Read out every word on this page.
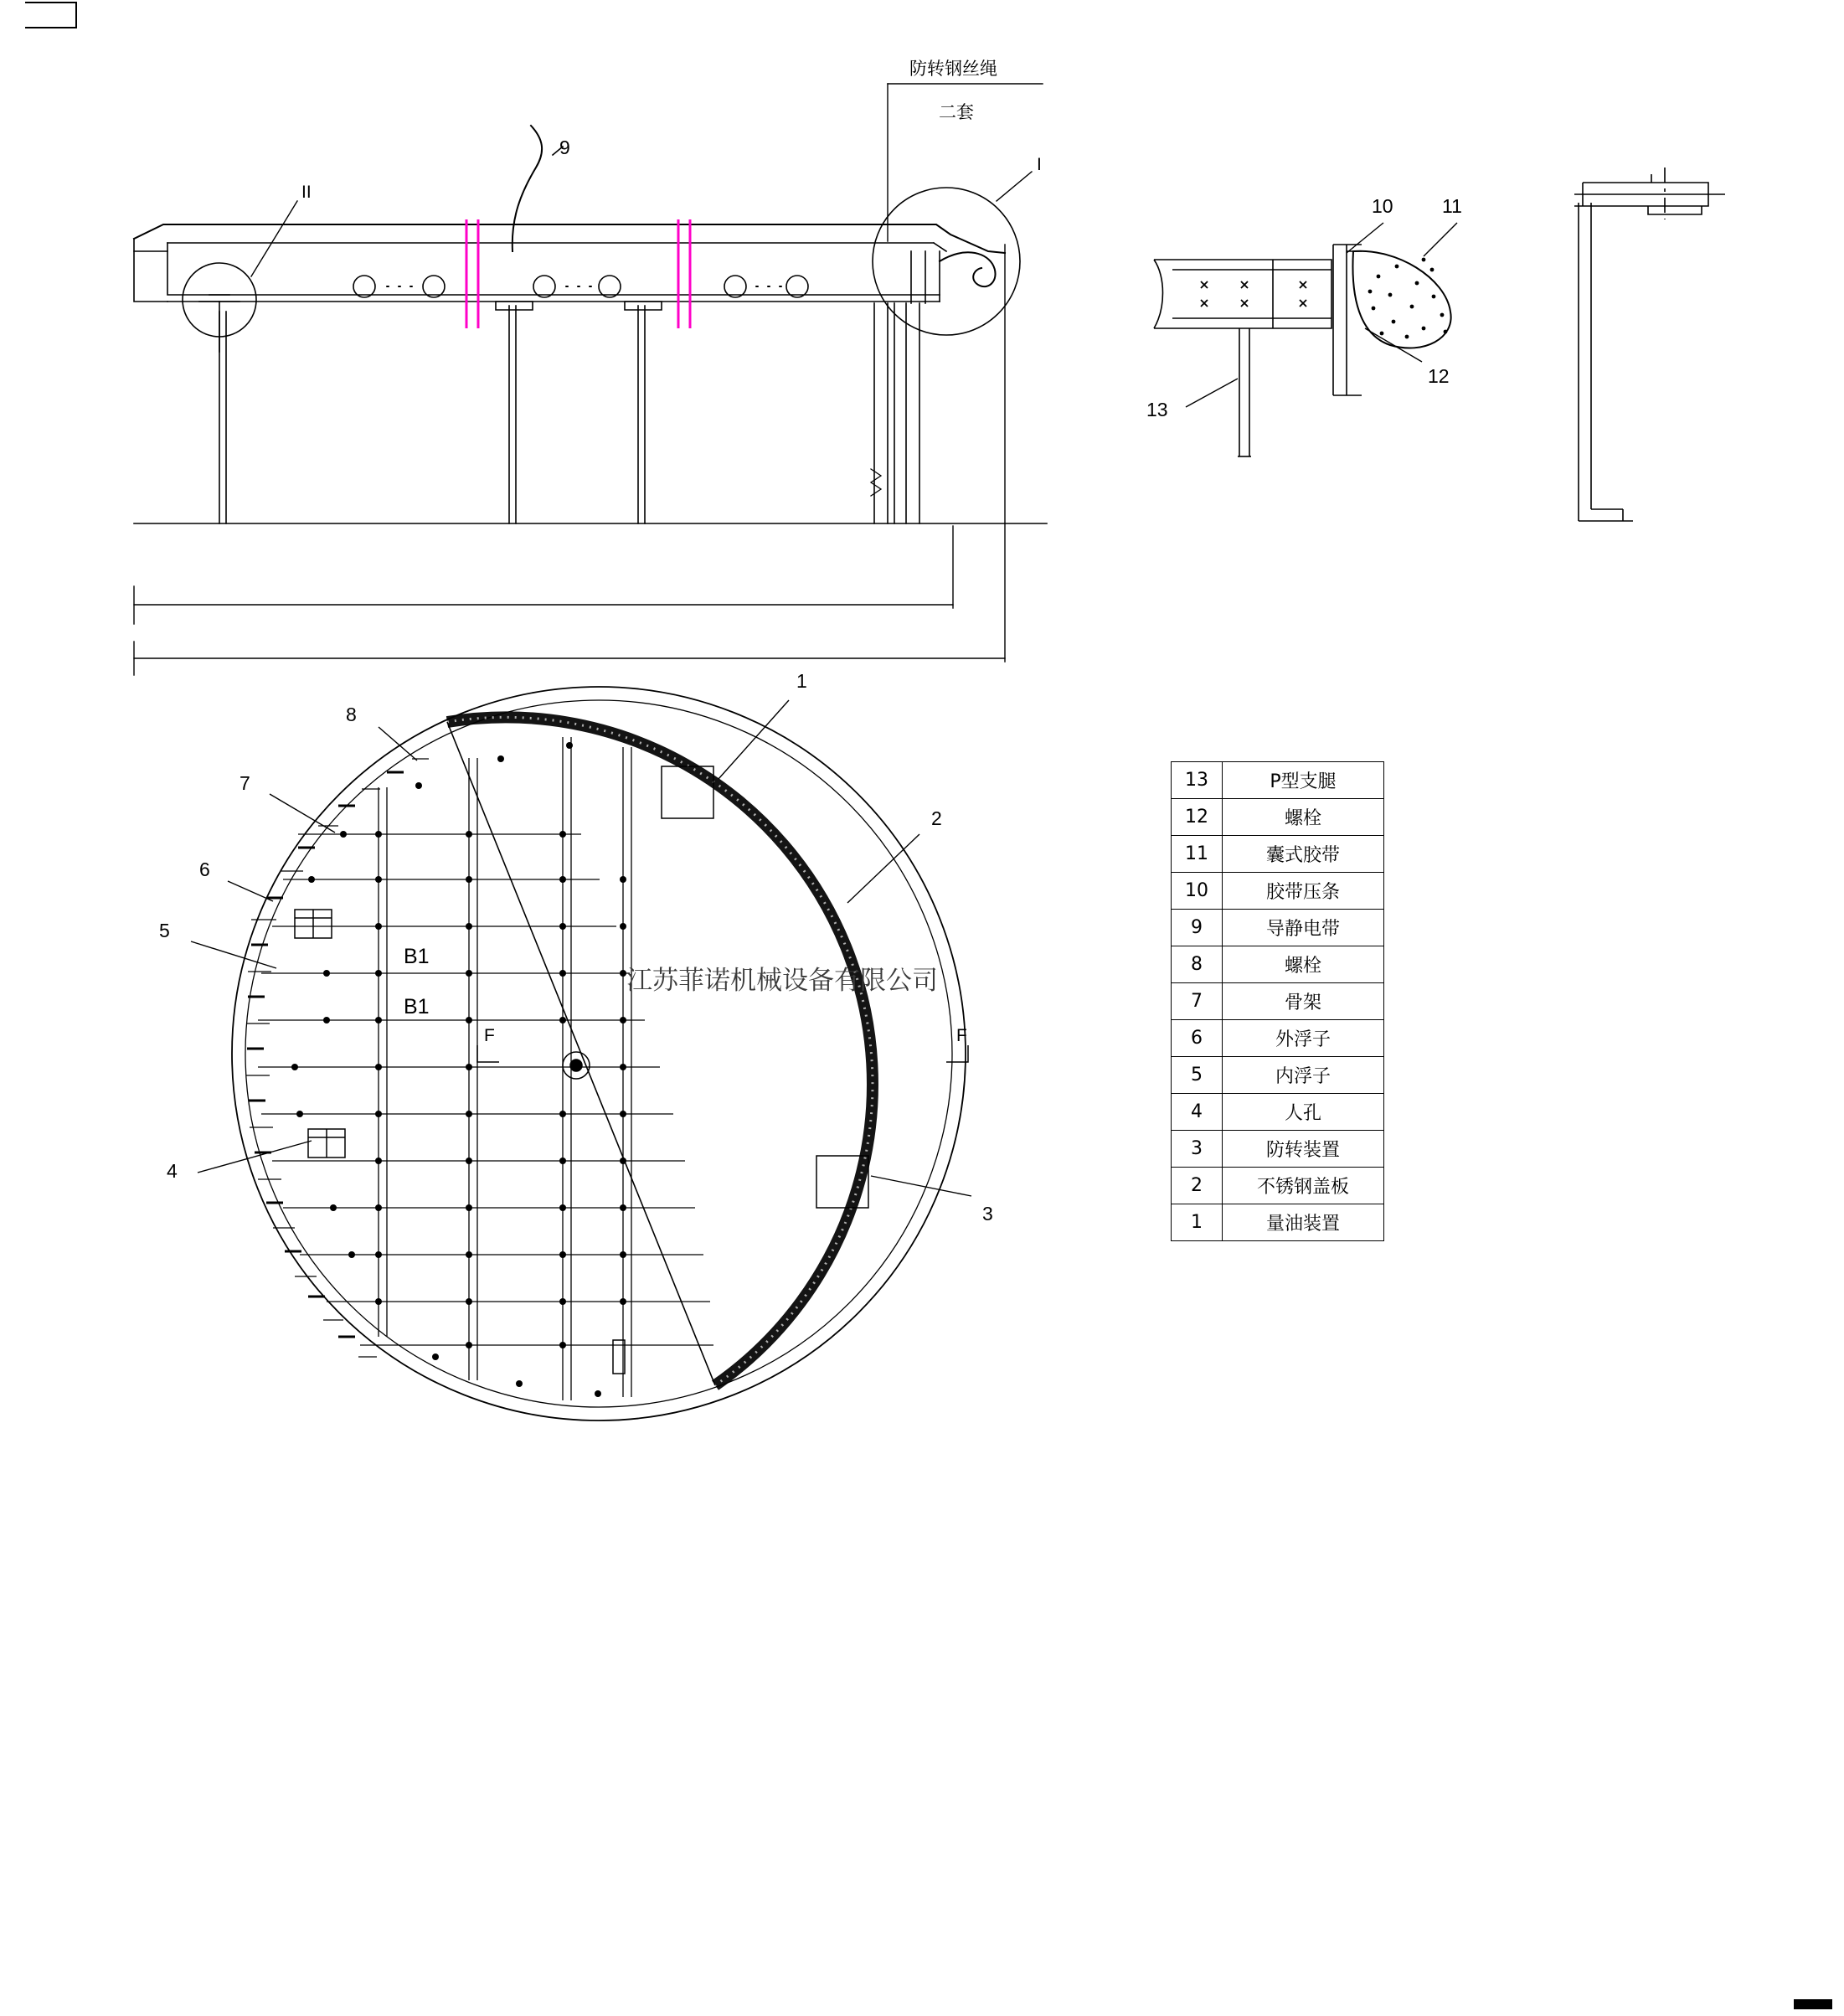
防转钢丝绳
二套
I
II
F	F
B1
B1
9
10	11
12
13
1
8
2
7
6
5
4
3
江苏菲诺机械设备有限公司
13	P型支腿
12	螺栓
11	囊式胶带
10	胶带压条
9	导静电带
8	螺栓
7	骨架
6	外浮子
5	内浮子
4	人孔
3	防转装置
2	不锈钢盖板
1	量油装置
